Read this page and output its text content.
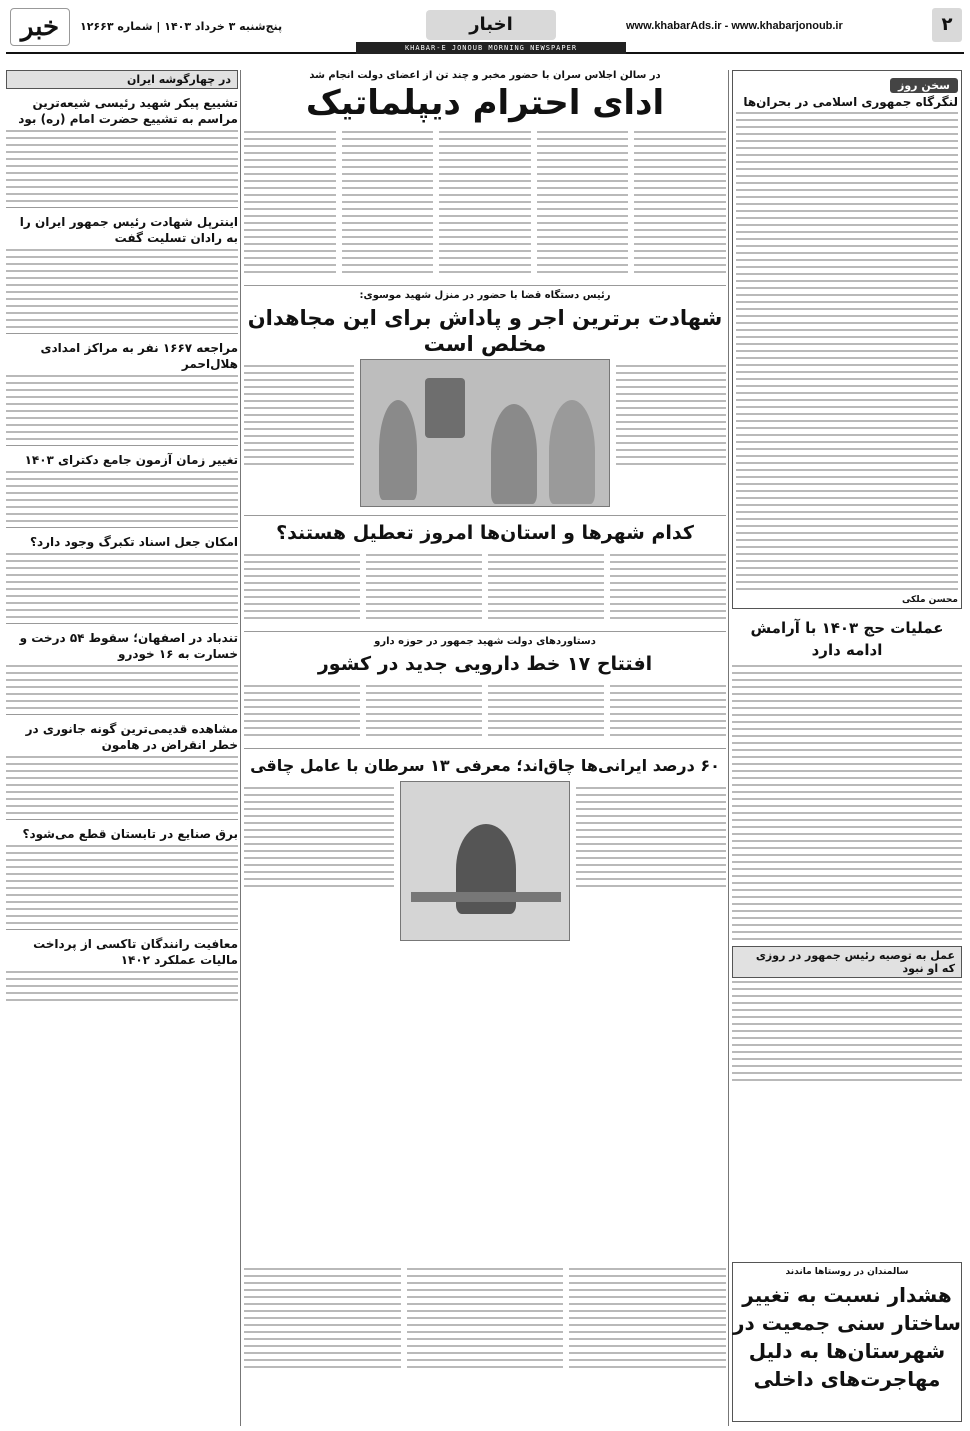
خبر	پنج‌شنبه ۳ خرداد ۱۴۰۳ | شماره ۱۲۶۶۳	اخبار
KHABAR-E JONOUB MORNING NEWSPAPER
www.khabarAds.ir - www.khabarjonoub.ir	۲
سخن روز
لنگرگاه جمهوری اسلامی در بحران‌ها
محسن ملکی
عملیات حج ۱۴۰۳ با آرامش ادامه دارد
عمل به توصیه رئیس جمهور در روزی که او نبود
سالمندان در روستاها ماندند
هشدار نسبت به تغییر ساختار سنی جمعیت در شهرستان‌ها به دلیل مهاجرت‌های داخلی
در سالن اجلاس سران با حضور مخبر و چند تن از اعضای دولت انجام شد
ادای احترام دیپلماتیک
رئیس دستگاه قضا با حضور در منزل شهید موسوی:
شهادت برترین اجر و پاداش برای این مجاهدان مخلص است
کدام شهرها و استان‌ها امروز تعطیل هستند؟
دستاوردهای دولت شهید جمهور در حوزه دارو
افتتاح ۱۷ خط دارویی جدید در کشور
۶۰ درصد ایرانی‌ها چاق‌اند؛ معرفی ۱۳ سرطان با عامل چاقی
در چهارگوشه ایران
تشییع پیکر شهید رئیسی شیعه‌ترین مراسم به تشییع حضرت امام (ره) بود
اینترپل شهادت رئیس جمهور ایران را به رادان تسلیت گفت
مراجعه ۱۶۶۷ نفر به مراکز امدادی هلال‌احمر
تغییر زمان آزمون جامع دکترای ۱۴۰۳
امکان جعل اسناد تکبرگ وجود دارد؟
تندباد در اصفهان؛ سقوط ۵۴ درخت و خسارت به ۱۶ خودرو
مشاهده قدیمی‌ترین گونه جانوری در خطر انقراض در هامون
برق صنایع در تابستان قطع می‌شود؟
معافیت رانندگان تاکسی از پرداخت مالیات عملکرد ۱۴۰۲
